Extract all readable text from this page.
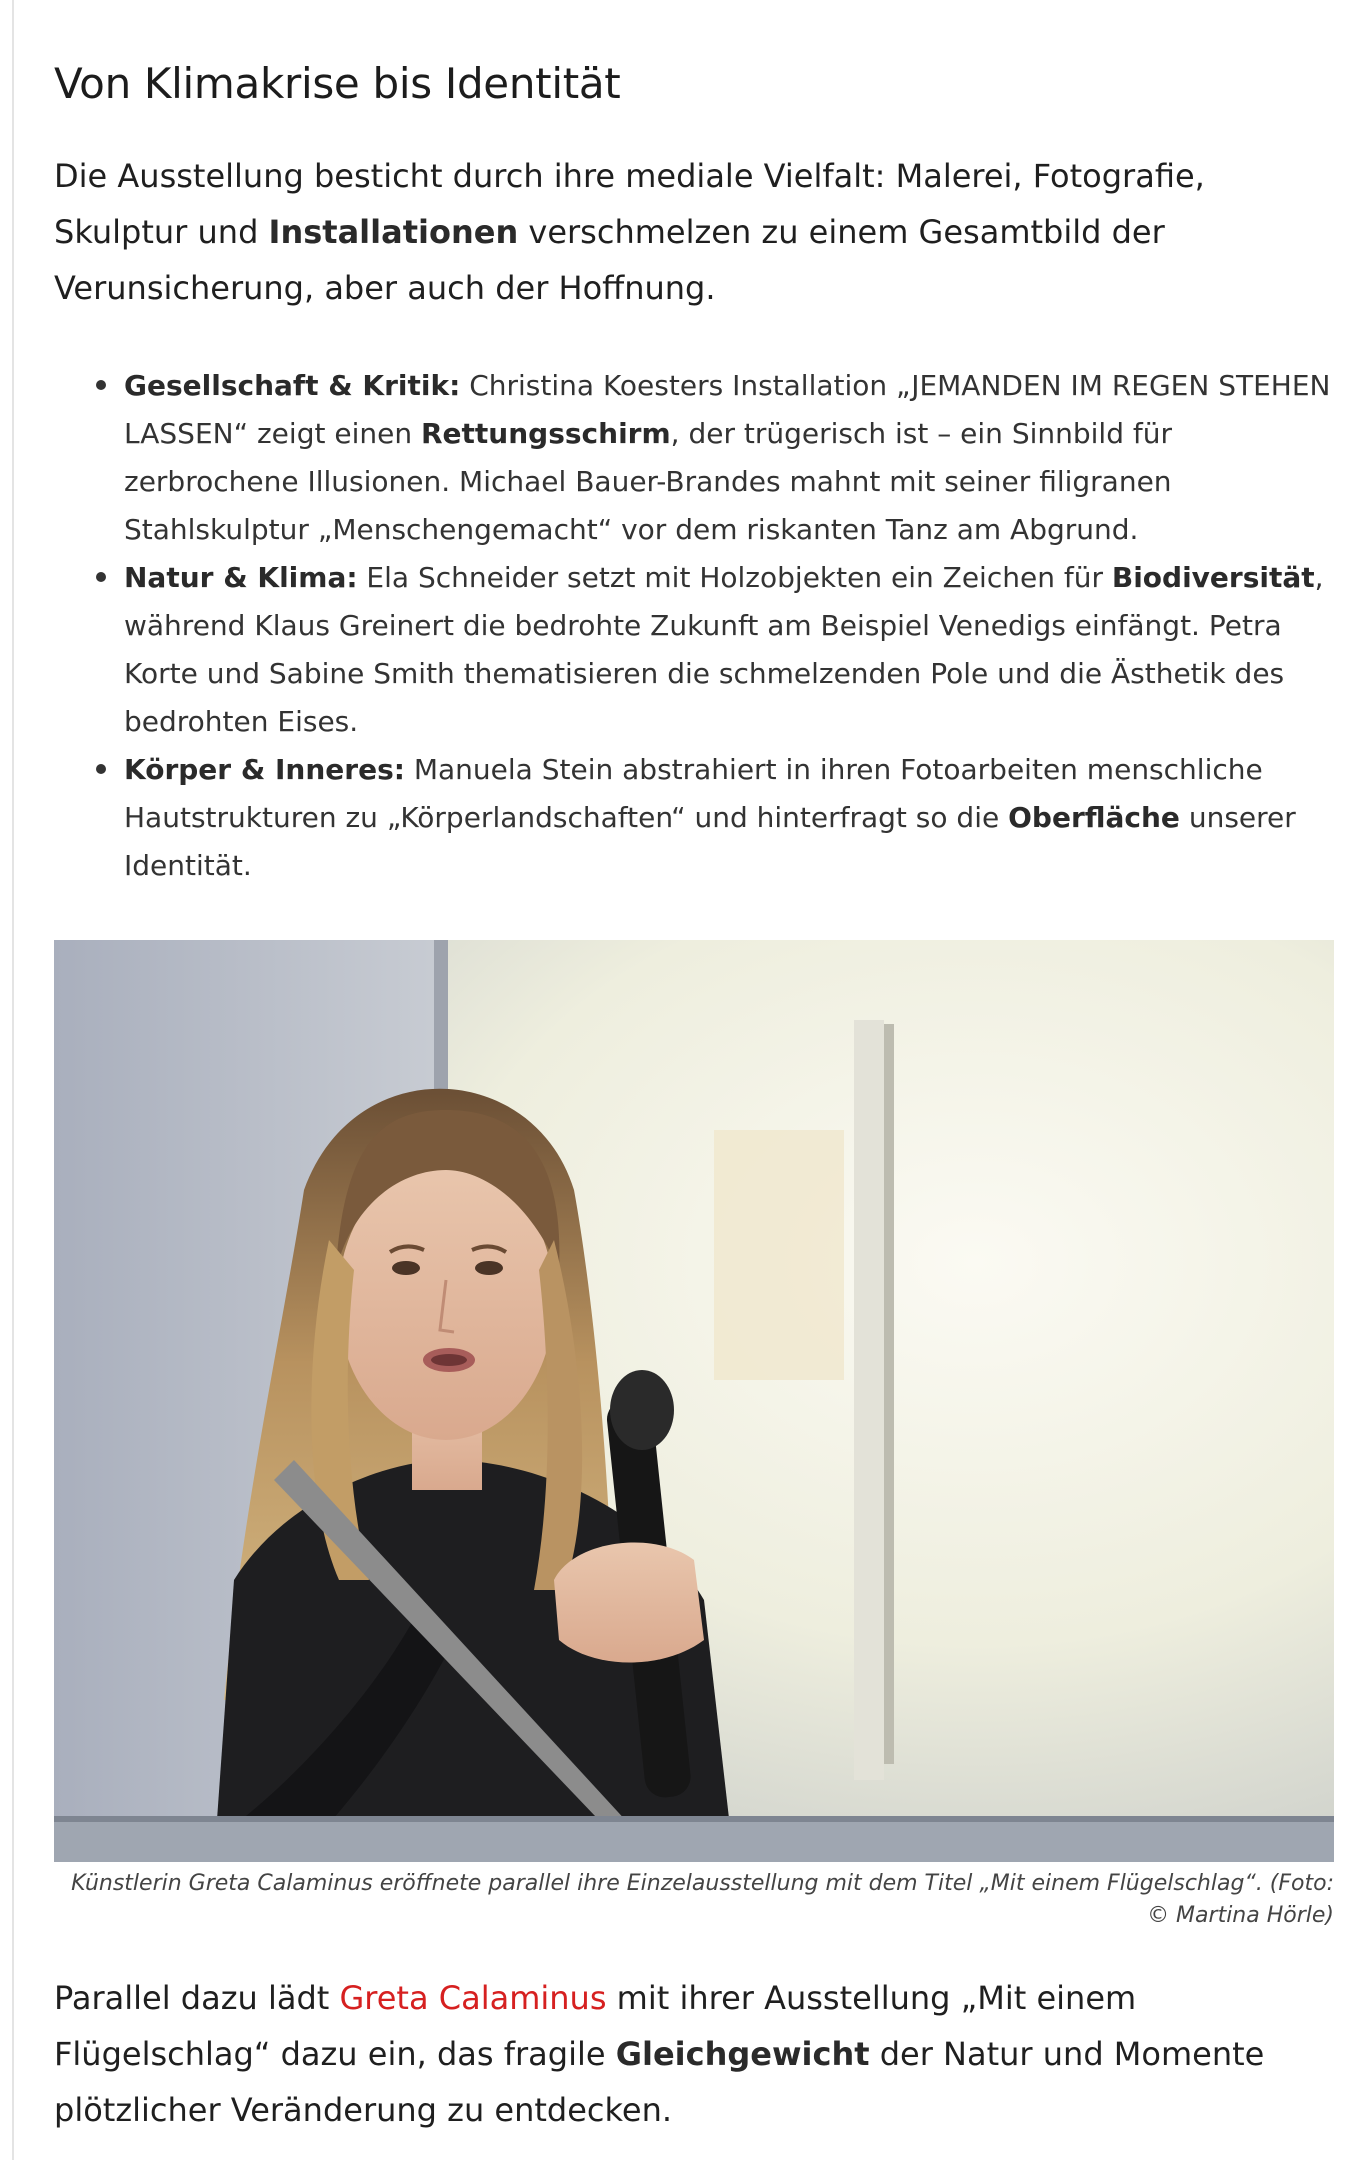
Von Klimakrise bis Identität

Die Ausstellung besticht durch ihre mediale Vielfalt: Malerei, Fotografie, Skulptur und Installationen verschmelzen zu einem Gesamtbild der Verunsicherung, aber auch der Hoffnung.

Gesellschaft & Kritik: Christina Koesters Installation „JEMANDEN IM REGEN STEHEN LASSEN“ zeigt einen Rettungsschirm, der trügerisch ist – ein Sinnbild für zerbrochene Illusionen. Michael Bauer-Brandes mahnt mit seiner filigranen Stahlskulptur „Menschengemacht“ vor dem riskanten Tanz am Abgrund.
Natur & Klima: Ela Schneider setzt mit Holzobjekten ein Zeichen für Biodiversität, während Klaus Greinert die bedrohte Zukunft am Beispiel Venedigs einfängt. Petra Korte und Sabine Smith thematisieren die schmelzenden Pole und die Ästhetik des bedrohten Eises.
Körper & Inneres: Manuela Stein abstrahiert in ihren Fotoarbeiten menschliche Hautstrukturen zu „Körperlandschaften“ und hinterfragt so die Oberfläche unserer Identität.
Künstlerin Greta Calaminus eröffnete parallel ihre Einzelausstellung mit dem Titel „Mit einem Flügelschlag“. (Foto:
© Martina Hörle)

Parallel dazu lädt Greta Calaminus mit ihrer Ausstellung „Mit einem Flügelschlag“ dazu ein, das fragile Gleichgewicht der Natur und Momente plötzlicher Veränderung zu entdecken.
